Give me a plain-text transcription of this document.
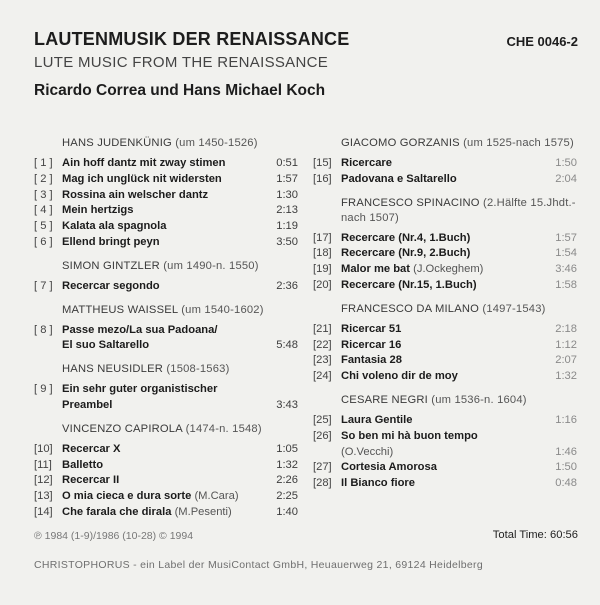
LAUTENMUSIK DER RENAISSANCE	CHE 0046-2
LUTE MUSIC FROM THE RENAISSANCE
Ricardo Correa und Hans Michael Koch
HANS JUDENKÜNIG (um 1450-1526)
[ 1 ] Ain hoff dantz mit zway stimen	0:51
[ 2 ] Mag ich unglück nit widersten	1:57
[ 3 ] Rossina ain welscher dantz	1:30
[ 4 ] Mein hertzigs	2:13
[ 5 ] Kalata ala spagnola	1:19
[ 6 ] Ellend bringt peyn	3:50
SIMON GINTZLER (um 1490-n. 1550)
[ 7 ] Recercar segondo	2:36
MATTHEUS WAISSEL (um 1540-1602)
[ 8 ] Passe mezo/La sua Padoana/
El suo Saltarello	5:48
HANS NEUSIDLER (1508-1563)
[ 9 ] Ein sehr guter organistischer
Preambel	3:43
VINCENZO CAPIROLA (1474-n. 1548)
[10] Recercar X	1:05
[11] Balletto	1:32
[12] Recercar II	2:26
[13] O mia cieca e dura sorte (M.Cara)	2:25
[14] Che farala che dirala (M.Pesenti)	1:40
GIACOMO GORZANIS (um 1525-nach 1575)
[15] Ricercare	1:50
[16] Padovana e Saltarello	2:04
FRANCESCO SPINACINO (2.Hälfte 15.Jhdt.-nach 1507)
[17] Recercare (Nr.4, 1.Buch)	1:57
[18] Recercare (Nr.9, 2.Buch)	1:54
[19] Malor me bat (J.Ockeghem)	3:46
[20] Recercare (Nr.15, 1.Buch)	1:58
FRANCESCO DA MILANO (1497-1543)
[21] Ricercar 51	2:18
[22] Ricercar 16	1:12
[23] Fantasia 28	2:07
[24] Chi voleno dir de moy	1:32
CESARE NEGRI (um 1536-n. 1604)
[25] Laura Gentile	1:16
[26] So ben mi hà buon tempo
(O.Vecchi)	1:46
[27] Cortesia Amorosa	1:50
[28] Il Bianco fiore	0:48
℗ 1984 (1-9)/1986 (10-28) © 1994	Total Time: 60:56
CHRISTOPHORUS - ein Label der MusiContact GmbH, Heuauerweg 21, 69124 Heidelberg
